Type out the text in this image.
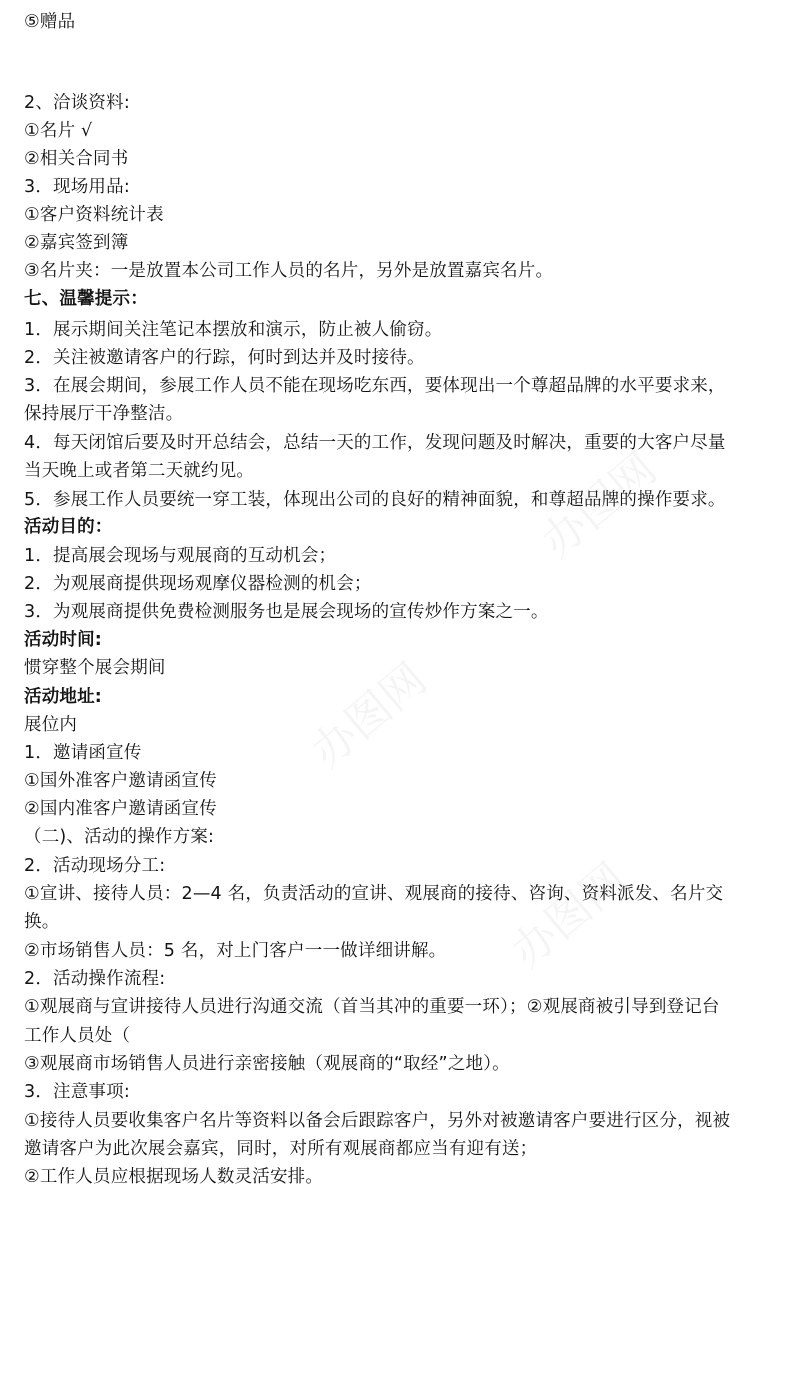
⑤赠品
2、洽谈资料:
①名片 √
②相关合同书
3．现场用品:
①客户资料统计表
②嘉宾签到簿
③名片夹：一是放置本公司工作人员的名片，另外是放置嘉宾名片。
七、温馨提示：
1．展示期间关注笔记本摆放和演示，防止被人偷窃。
2．关注被邀请客户的行踪，何时到达并及时接待。
3．在展会期间，参展工作人员不能在现场吃东西，要体现出一个尊超品牌的水平要求来，
保持展厅干净整洁。
4．每天闭馆后要及时开总结会，总结一天的工作，发现问题及时解决，重要的大客户尽量
当天晚上或者第二天就约见。
5．参展工作人员要统一穿工装，体现出公司的良好的精神面貌，和尊超品牌的操作要求。
活动目的：
1．提高展会现场与观展商的互动机会；
2．为观展商提供现场观摩仪器检测的机会；
3．为观展商提供免费检测服务也是展会现场的宣传炒作方案之一。
活动时间:
惯穿整个展会期间
活动地址:
展位内
1．邀请函宣传
①国外准客户邀请函宣传
②国内准客户邀请函宣传
（二)、活动的操作方案:
2．活动现场分工:
①宣讲、接待人员：2—4 名，负责活动的宣讲、观展商的接待、咨询、资料派发、名片交
换。
②市场销售人员：5 名，对上门客户一一做详细讲解。
2．活动操作流程:
①观展商与宣讲接待人员进行沟通交流（首当其冲的重要一环）；②观展商被引导到登记台
工作人员处（
③观展商市场销售人员进行亲密接触（观展商的“取经”之地）。
3．注意事项:
①接待人员要收集客户名片等资料以备会后跟踪客户，另外对被邀请客户要进行区分，视被
邀请客户为此次展会嘉宾，同时，对所有观展商都应当有迎有送；
②工作人员应根据现场人数灵活安排。
办图网
办图网
办图网
